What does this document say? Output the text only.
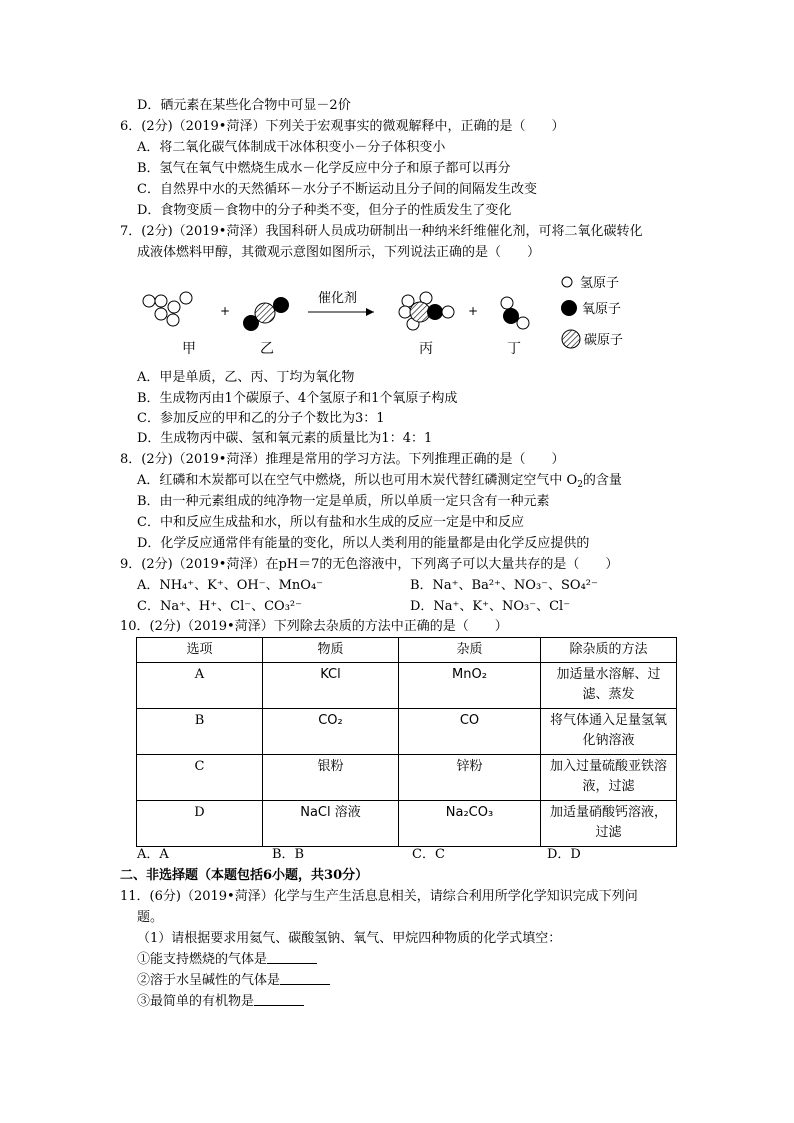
D．硒元素在某些化合物中可显－2价
6．(2分)（2019•菏泽）下列关于宏观事实的微观解释中，正确的是（　　）
A．将二氧化碳气体制成干冰体积变小－分子体积变小
B．氢气在氧气中燃烧生成水－化学反应中分子和原子都可以再分
C．自然界中水的天然循环－水分子不断运动且分子间的间隔发生改变
D．食物变质－食物中的分子种类不变，但分子的性质发生了变化
7．(2分)（2019•菏泽）我国科研人员成功研制出一种纳米纤维催化剂，可将二氧化碳转化
成液体燃料甲醇，其微观示意图如图所示，下列说法正确的是（　　）
+
催化剂
+
甲	乙	丙	丁
氢原子
氧原子
碳原子
A．甲是单质，乙、丙、丁均为氧化物
B．生成物丙由1个碳原子、4个氢原子和1个氧原子构成
C．参加反应的甲和乙的分子个数比为3：1
D．生成物丙中碳、氢和氧元素的质量比为1：4：1
8．(2分)（2019•菏泽）推理是常用的学习方法。下列推理正确的是（　　）
A．红磷和木炭都可以在空气中燃烧，所以也可用木炭代替红磷测定空气中 $O_2$的含量
B．由一种元素组成的纯净物一定是单质，所以单质一定只含有一种元素
C．中和反应生成盐和水，所以有盐和水生成的反应一定是中和反应
D．化学反应通常伴有能量的变化，所以人类利用的能量都是由化学反应提供的
9．(2分)（2019•菏泽）在pH＝7的无色溶液中，下列离子可以大量共存的是（　　）
A．NH₄⁺、K⁺、OH⁻、MnO₄⁻	B．Na⁺、Ba²⁺、NO₃⁻、SO₄²⁻
C．Na⁺、H⁺、Cl⁻、CO₃²⁻	D．Na⁺、K⁺、NO₃⁻、Cl⁻
10．(2分)（2019•菏泽）下列除去杂质的方法中正确的是（　　）
选项	物质	杂质	除杂质的方法
A	KCl	MnO₂	加适量水溶解、过滤、蒸发
B	CO₂	CO	将气体通入足量氢氧化钠溶液
C	银粉	锌粉	加入过量硫酸亚铁溶液，过滤
D	NaCl 溶液	Na₂CO₃	加适量硝酸钙溶液，过滤
A．A	B．B	C．C	D．D
二、非选择题（本题包括6小题，共30分）
11．(6分)（2019•菏泽）化学与生产生活息息相关，请综合利用所学化学知识完成下列问
题。
（1）请根据要求用氦气、碳酸氢钠、氧气、甲烷四种物质的化学式填空：
①能支持燃烧的气体是
②溶于水呈碱性的气体是
③最简单的有机物是
